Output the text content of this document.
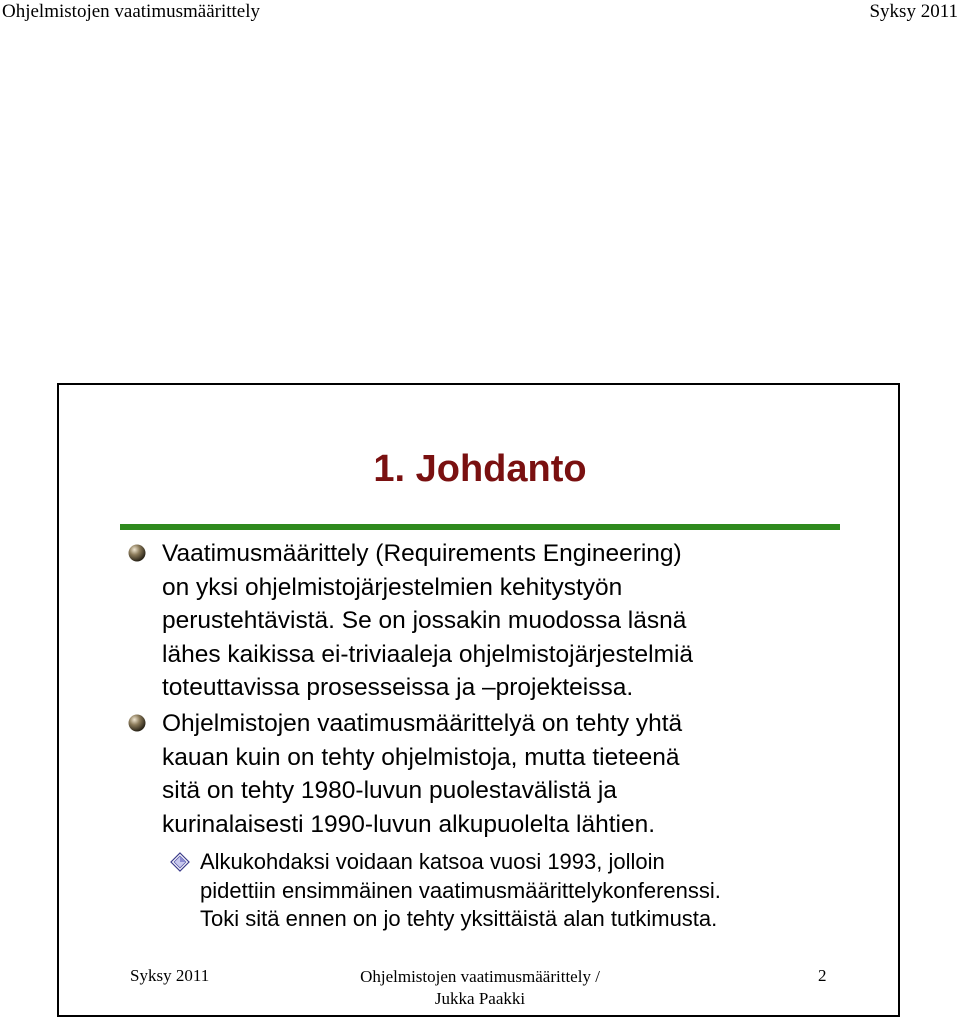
Ohjelmistojen vaatimusmäärittely	Syksy 2011
1. Johdanto
Vaatimusmäärittely (Requirements Engineering)
on yksi ohjelmistojärjestelmien kehitystyön
perustehtävistä. Se on jossakin muodossa läsnä
lähes kaikissa ei-triviaaleja ohjelmistojärjestelmiä
toteuttavissa prosesseissa ja –projekteissa.
Ohjelmistojen vaatimusmäärittelyä on tehty yhtä
kauan kuin on tehty ohjelmistoja, mutta tieteenä
sitä on tehty 1980-luvun puolestavälistä ja
kurinalaisesti 1990-luvun alkupuolelta lähtien.
Alkukohdaksi voidaan katsoa vuosi 1993, jolloin
pidettiin ensimmäinen vaatimusmäärittelykonferenssi.
Toki sitä ennen on jo tehty yksittäistä alan tutkimusta.
Syksy 2011	Ohjelmistojen vaatimusmäärittely /
Jukka Paakki
2
